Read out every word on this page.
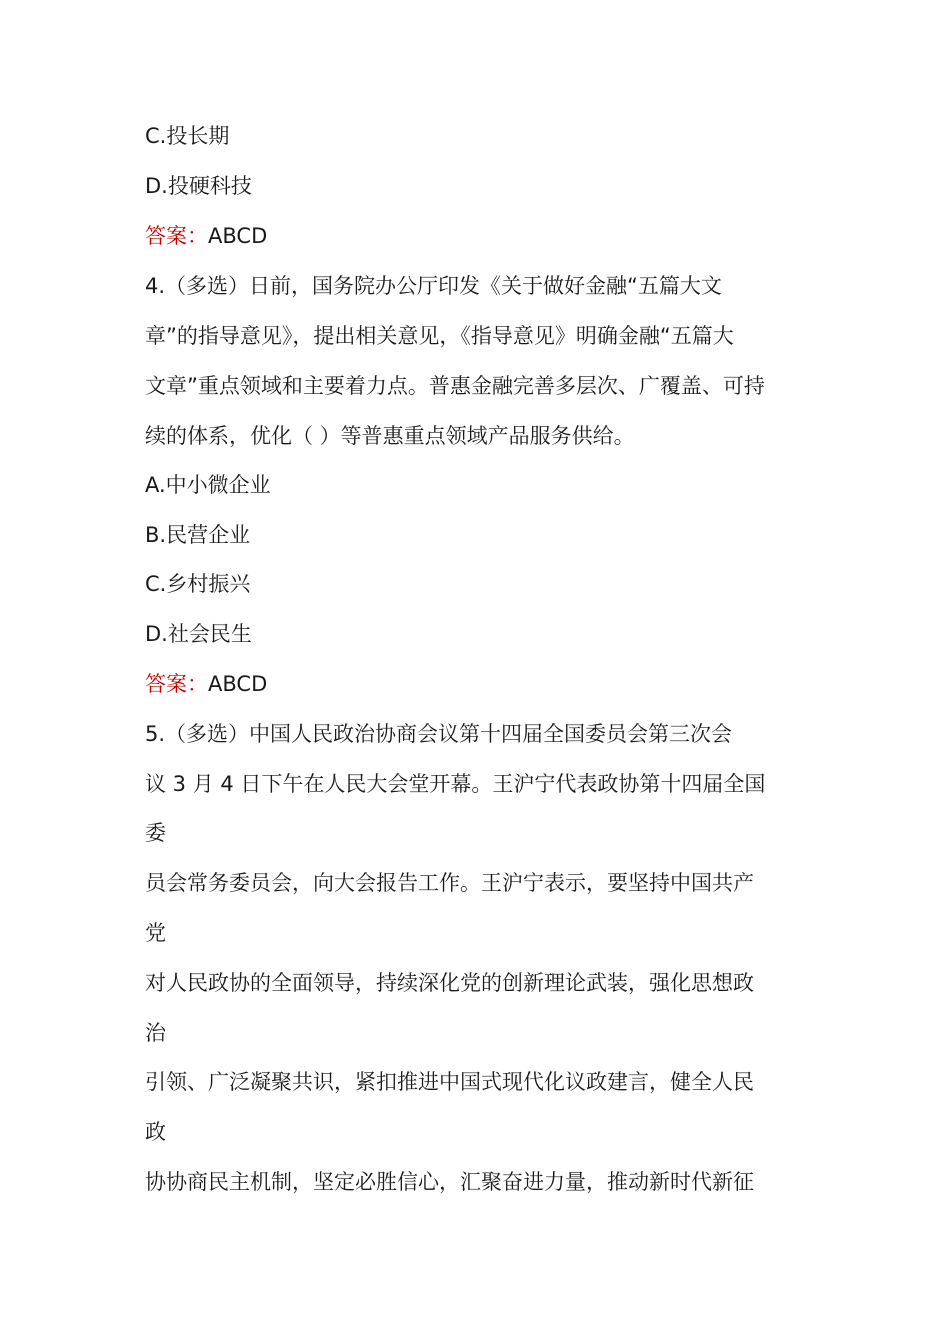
C.投长期

D.投硬科技

答案：ABCD

4.（多选）日前，国务院办公厅印发《关于做好金融“五篇大文

章”的指导意见》，提出相关意见，《指导意见》明确金融“五篇大

文章”重点领域和主要着力点。普惠金融完善多层次、广覆盖、可持

续的体系，优化（ ）等普惠重点领域产品服务供给。

A.中小微企业

B.民营企业

C.乡村振兴

D.社会民生

答案：ABCD

5.（多选）中国人民政治协商会议第十四届全国委员会第三次会

议 3 月 4 日下午在人民大会堂开幕。王沪宁代表政协第十四届全国

委

员会常务委员会，向大会报告工作。王沪宁表示，要坚持中国共产

党

对人民政协的全面领导，持续深化党的创新理论武装，强化思想政

治

引领、广泛凝聚共识，紧扣推进中国式现代化议政建言，健全人民

政

协协商民主机制，坚定必胜信心，汇聚奋进力量，推动新时代新征
